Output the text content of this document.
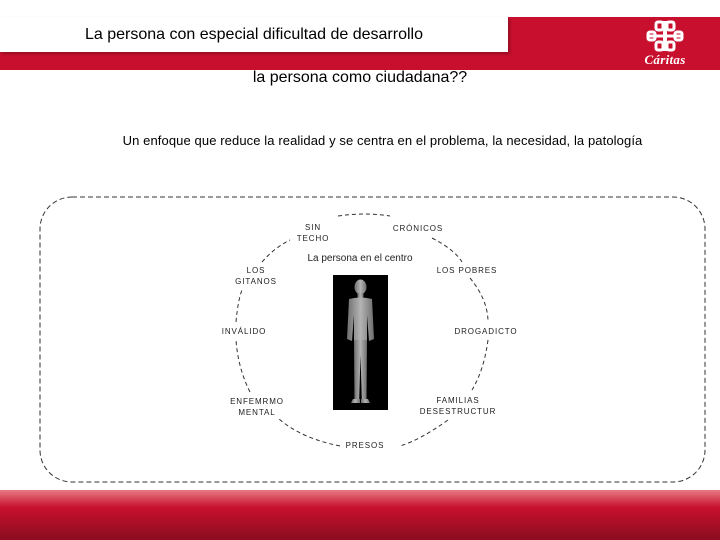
La persona con especial dificultad de desarrollo
Cáritas
la persona como ciudadana??
Un enfoque que reduce la realidad y se centra en el problema, la necesidad, la patología
SIN TECHO
CRÓNICOS
La persona en el centro
LOS GITANOS
LOS POBRES
INVÁLIDO	DROGADICTO
ENFEMRMO MENTAL
FAMILIAS DESESTRUCTUR
PRESOS
